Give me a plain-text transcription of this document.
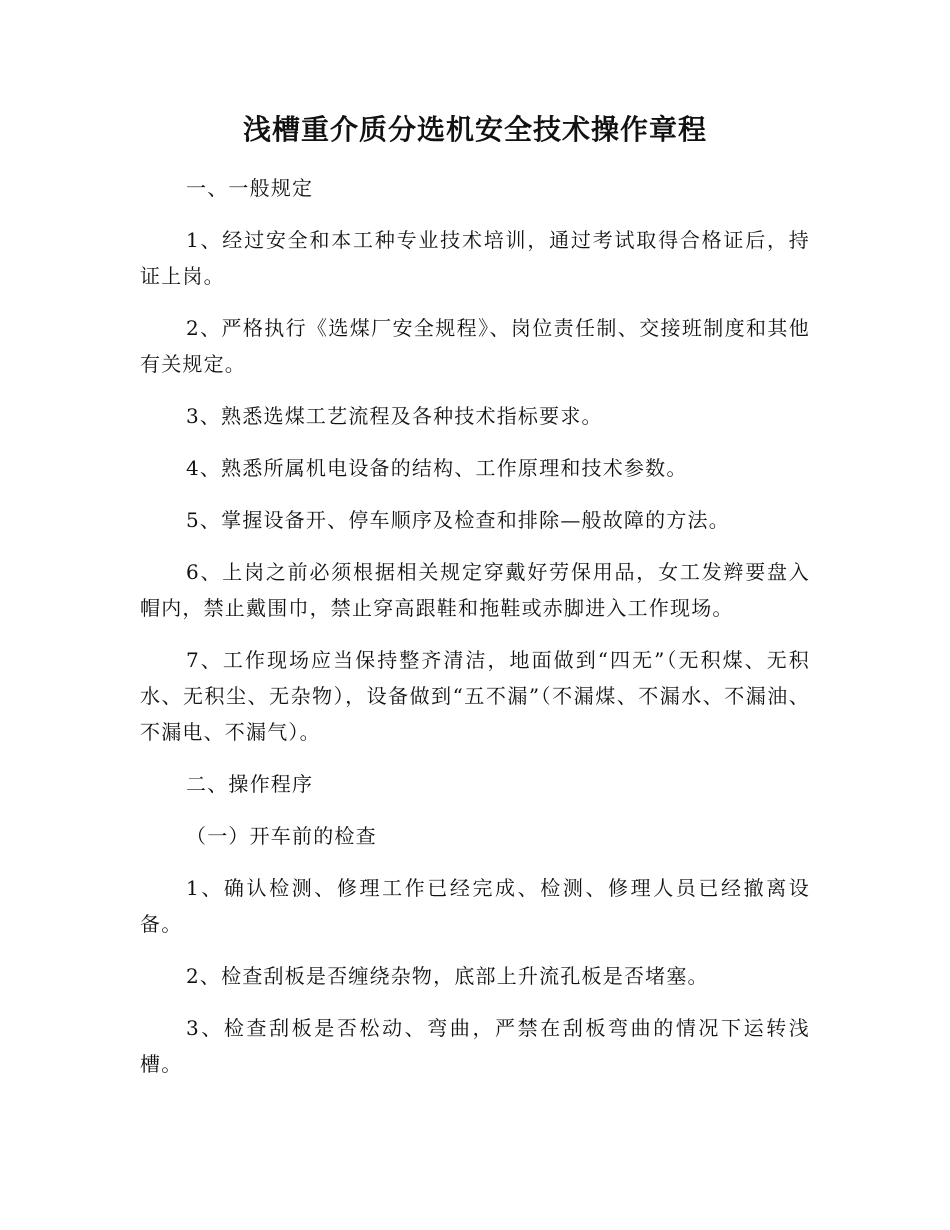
浅槽重介质分选机安全技术操作章程

一、一般规定

1、经过安全和本工种专业技术培训，通过考试取得合格证后，持证上岗。

2、严格执行《选煤厂安全规程》、岗位责任制、交接班制度和其他有关规定。

3、熟悉选煤工艺流程及各种技术指标要求。

4、熟悉所属机电设备的结构、工作原理和技术参数。

5、掌握设备开、停车顺序及检查和排除—般故障的方法。

6、上岗之前必须根据相关规定穿戴好劳保用品，女工发辫要盘入帽内，禁止戴围巾，禁止穿高跟鞋和拖鞋或赤脚进入工作现场。

7、工作现场应当保持整齐清洁，地面做到“四无”（无积煤、无积水、无积尘、无杂物），设备做到“五不漏”（不漏煤、不漏水、不漏油、不漏电、不漏气）。

二、操作程序

（一）开车前的检查

1、确认检测、修理工作已经完成、检测、修理人员已经撤离设备。

2、检查刮板是否缠绕杂物，底部上升流孔板是否堵塞。

3、检查刮板是否松动、弯曲，严禁在刮板弯曲的情况下运转浅槽。
